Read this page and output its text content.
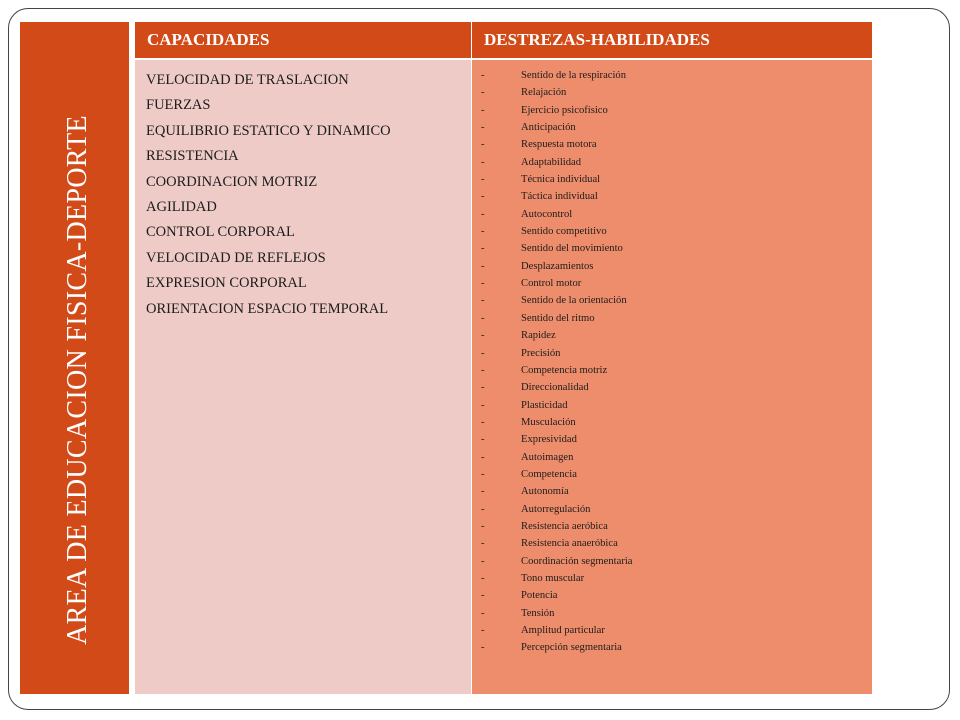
AREA DE EDUCACION FISICA-DEPORTE
CAPACIDADES	DESTREZAS-HABILIDADES
VELOCIDAD DE TRASLACION
FUERZAS
EQUILIBRIO ESTATICO Y DINAMICO
RESISTENCIA
COORDINACION MOTRIZ
AGILIDAD
CONTROL CORPORAL
VELOCIDAD DE REFLEJOS
EXPRESION CORPORAL
ORIENTACION ESPACIO TEMPORAL
-	Sentido de la respiración
-	Relajación
-	Ejercicio psicofísico
-	Anticipación
-	Respuesta motora
-	Adaptabilidad
-	Técnica individual
-	Táctica individual
-	Autocontrol
-	Sentido competitivo
-	Sentido del movimiento
-	Desplazamientos
-	Control motor
-	Sentido de la orientación
-	Sentido del ritmo
-	Rapidez
-	Precisión
-	Competencia motriz
-	Direccionalidad
-	Plasticidad
-	Musculación
-	Expresividad
-	Autoimagen
-	Competencia
-	Autonomía
-	Autorregulación
-	Resistencia aeróbica
-	Resistencia anaeróbica
-	Coordinación segmentaria
-	Tono muscular
-	Potencia
-	Tensión
-	Amplitud particular
-	Percepción segmentaria
